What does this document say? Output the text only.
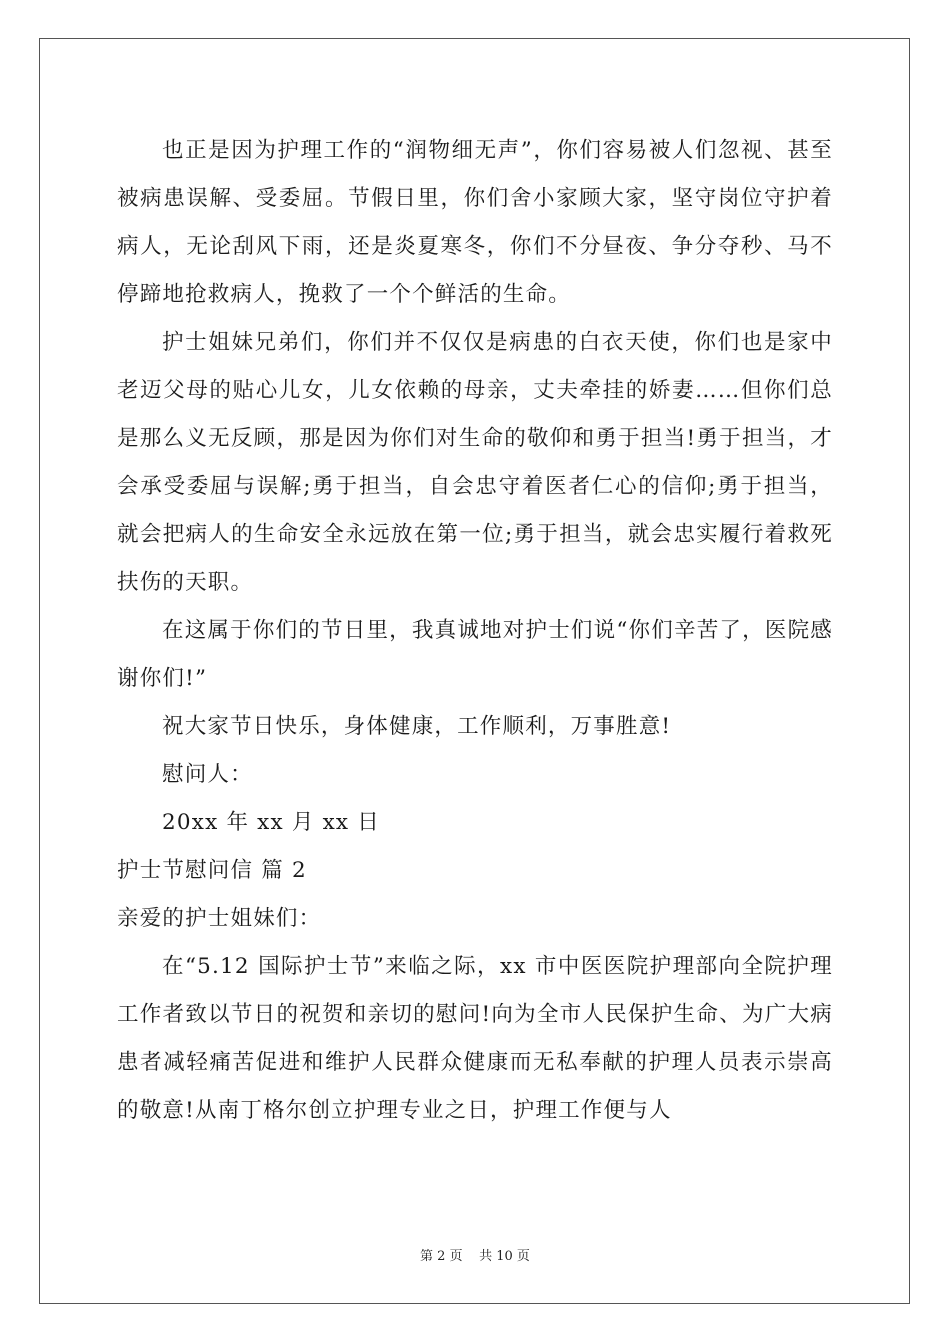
也正是因为护理工作的“润物细无声”，你们容易被人们忽视、甚至被病患误解、受委屈。节假日里，你们舍小家顾大家，坚守岗位守护着病人，无论刮风下雨，还是炎夏寒冬，你们不分昼夜、争分夺秒、马不停蹄地抢救病人，挽救了一个个鲜活的生命。

护士姐妹兄弟们，你们并不仅仅是病患的白衣天使，你们也是家中老迈父母的贴心儿女，儿女依赖的母亲，丈夫牵挂的娇妻……但你们总是那么义无反顾，那是因为你们对生命的敬仰和勇于担当!勇于担当，才会承受委屈与误解;勇于担当，自会忠守着医者仁心的信仰;勇于担当，就会把病人的生命安全永远放在第一位;勇于担当，就会忠实履行着救死扶伤的天职。

在这属于你们的节日里，我真诚地对护士们说“你们辛苦了，医院感谢你们!”

祝大家节日快乐，身体健康，工作顺利，万事胜意!

慰问人：

20xx 年 xx 月 xx 日

护士节慰问信 篇 2

亲爱的护士姐妹们：

在“5.12 国际护士节”来临之际，xx 市中医医院护理部向全院护理工作者致以节日的祝贺和亲切的慰问!向为全市人民保护生命、为广大病患者减轻痛苦促进和维护人民群众健康而无私奉献的护理人员表示崇高的敬意!从南丁格尔创立护理专业之日，护理工作便与人

第 2 页 共 10 页
